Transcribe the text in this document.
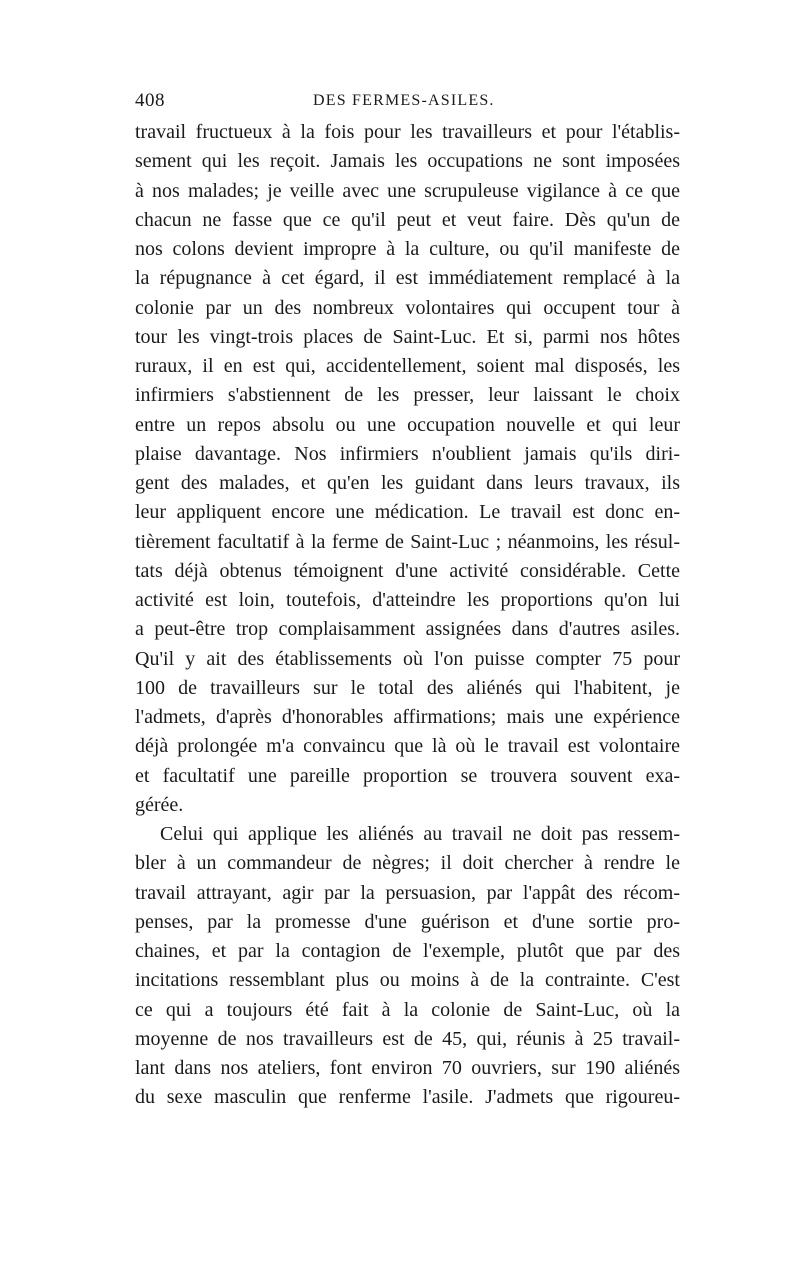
408	DES FERMES-ASILES.
travail fructueux à la fois pour les travailleurs et pour l'établis-
sement qui les reçoit. Jamais les occupations ne sont imposées
à nos malades; je veille avec une scrupuleuse vigilance à ce que
chacun ne fasse que ce qu'il peut et veut faire. Dès qu'un de
nos colons devient impropre à la culture, ou qu'il manifeste de
la répugnance à cet égard, il est immédiatement remplacé à la
colonie par un des nombreux volontaires qui occupent tour à
tour les vingt-trois places de Saint-Luc. Et si, parmi nos hôtes
ruraux, il en est qui, accidentellement, soient mal disposés, les
infirmiers s'abstiennent de les presser, leur laissant le choix
entre un repos absolu ou une occupation nouvelle et qui leur
plaise davantage. Nos infirmiers n'oublient jamais qu'ils diri-
gent des malades, et qu'en les guidant dans leurs travaux, ils
leur appliquent encore une médication. Le travail est donc en-
tièrement facultatif à la ferme de Saint-Luc ; néanmoins, les résul-
tats déjà obtenus témoignent d'une activité considérable. Cette
activité est loin, toutefois, d'atteindre les proportions qu'on lui
a peut-être trop complaisamment assignées dans d'autres asiles.
Qu'il y ait des établissements où l'on puisse compter 75 pour
100 de travailleurs sur le total des aliénés qui l'habitent, je
l'admets, d'après d'honorables affirmations; mais une expérience
déjà prolongée m'a convaincu que là où le travail est volontaire
et facultatif une pareille proportion se trouvera souvent exa-
gérée.
Celui qui applique les aliénés au travail ne doit pas ressem-
bler à un commandeur de nègres; il doit chercher à rendre le
travail attrayant, agir par la persuasion, par l'appât des récom-
penses, par la promesse d'une guérison et d'une sortie pro-
chaines, et par la contagion de l'exemple, plutôt que par des
incitations ressemblant plus ou moins à de la contrainte. C'est
ce qui a toujours été fait à la colonie de Saint-Luc, où la
moyenne de nos travailleurs est de 45, qui, réunis à 25 travail-
lant dans nos ateliers, font environ 70 ouvriers, sur 190 aliénés
du sexe masculin que renferme l'asile. J'admets que rigoureu-
